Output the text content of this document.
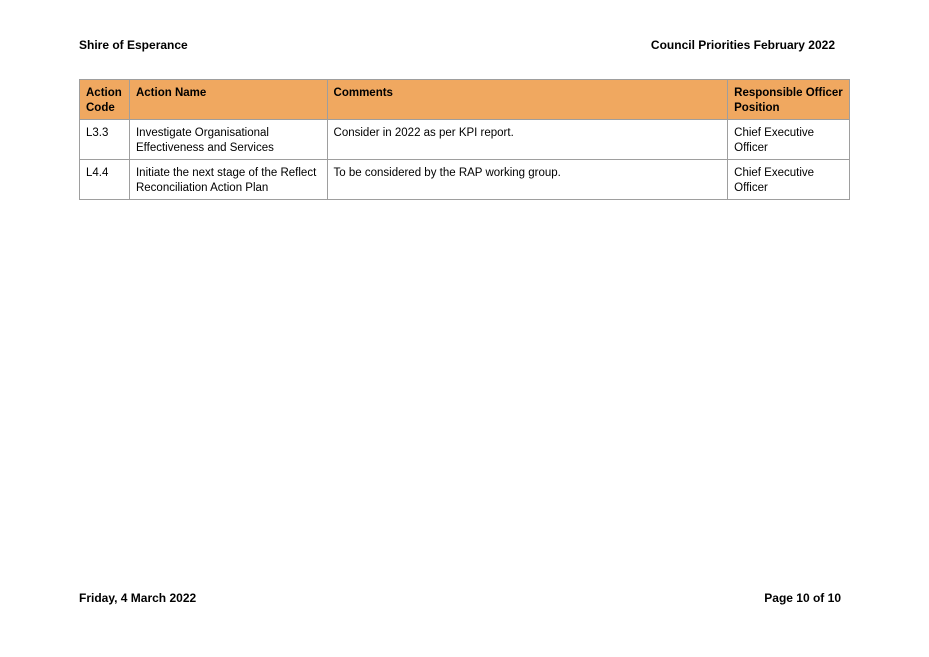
Shire of Esperance	Council Priorities February 2022
Action Code	Action Name	Comments	Responsible Officer Position
L3.3	Investigate Organisational Effectiveness and Services	Consider in 2022 as per KPI report.	Chief Executive Officer
L4.4	Initiate the next stage of the Reflect Reconciliation Action Plan	To be considered by the RAP working group.	Chief Executive Officer
Friday, 4 March 2022	Page 10 of 10
